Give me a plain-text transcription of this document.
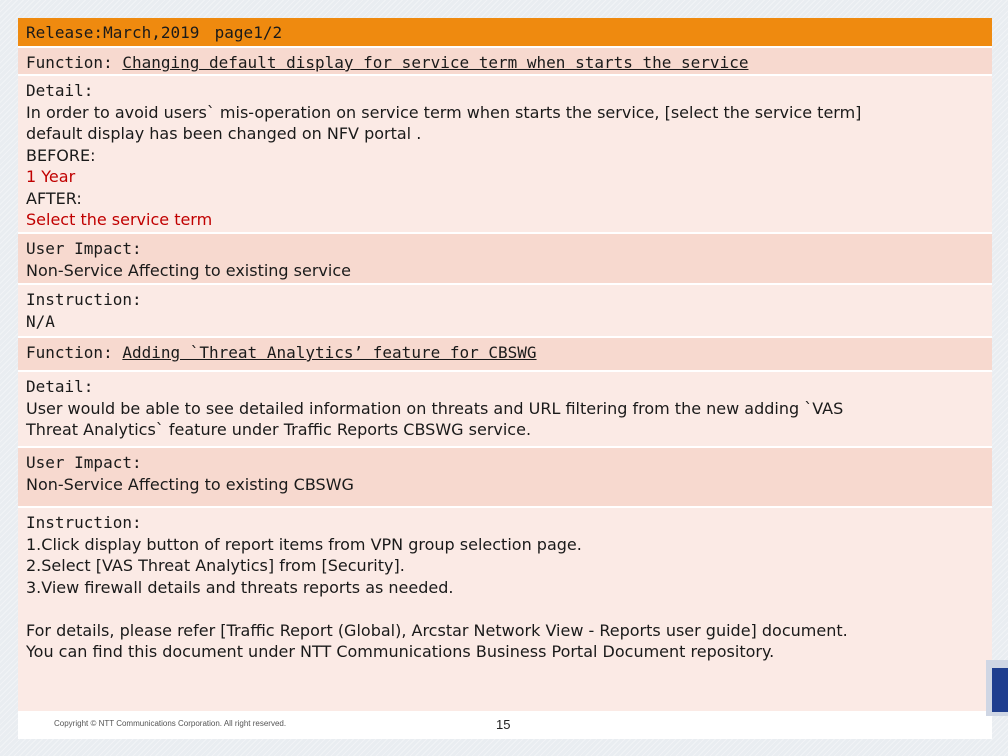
Release:March,2019 page1/2
Function: Changing default display for service term when starts the service
Detail:
In order to avoid users` mis-operation on service term when starts the service, [select the service term]
default display has been changed on NFV portal .
BEFORE:
1 Year
AFTER:
Select the service term
User Impact:
Non-Service Affecting to existing service
Instruction:
N/A
Function: Adding `Threat Analytics’ feature for CBSWG
Detail:
User would be able to see detailed information on threats and URL filtering from the new adding `VAS
Threat Analytics` feature under Traffic Reports CBSWG service.
User Impact:
Non-Service Affecting to existing CBSWG
Instruction:
1.Click display button of report items from VPN group selection page.
2.Select [VAS Threat Analytics] from [Security].
3.View firewall details and threats reports as needed.
For details, please refer [Traffic Report (Global), Arcstar Network View - Reports user guide] document.
You can find this document under NTT Communications Business Portal Document repository.
Copyright © NTT Communications Corporation. All right reserved.	15
